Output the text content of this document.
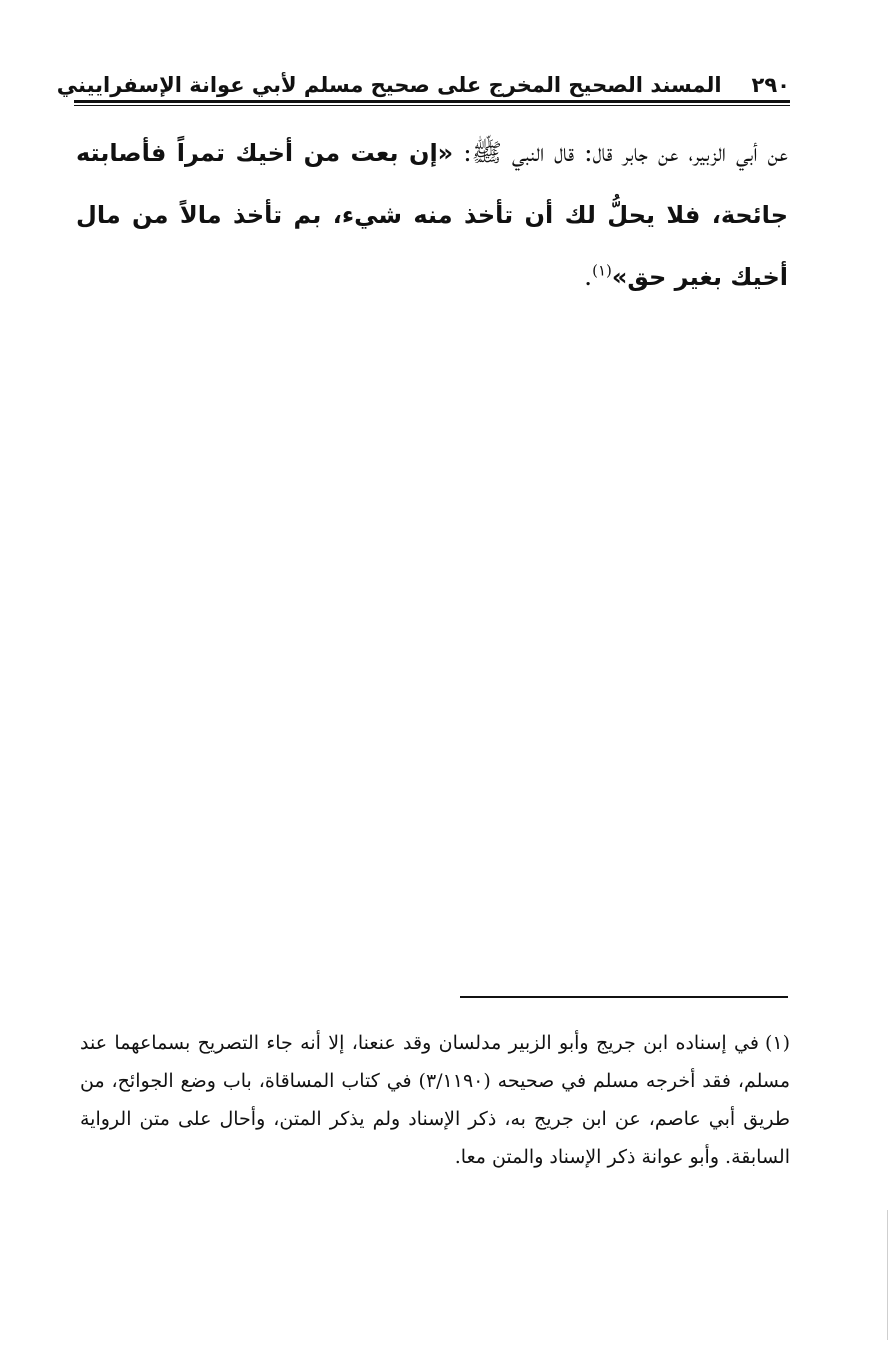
٢٩٠
المسند الصحيح المخرج على صحيح مسلم لأبي عوانة الإسفراييني
عن أبي الزبير، عن جابر قال: قال النبي ﷺ: «إن بعت من أخيك تمراً فأصابته جائحة، فلا يحلُّ لك أن تأخذ منه شيء، بم تأخذ مالاً من مال أخيك بغير حق»$^{(١)}$.
(١)في إسناده ابن جريج وأبو الزبير مدلسان وقد عنعنا، إلا أنه جاء التصريح بسماعهما عند مسلم، فقد أخرجه مسلم في صحيحه (٣/١١٩٠) في كتاب المساقاة، باب وضع الجوائح، من طريق أبي عاصم، عن ابن جريج به، ذكر الإسناد ولم يذكر المتن، وأحال على متن الرواية السابقة. وأبو عوانة ذكر الإسناد والمتن معا.
